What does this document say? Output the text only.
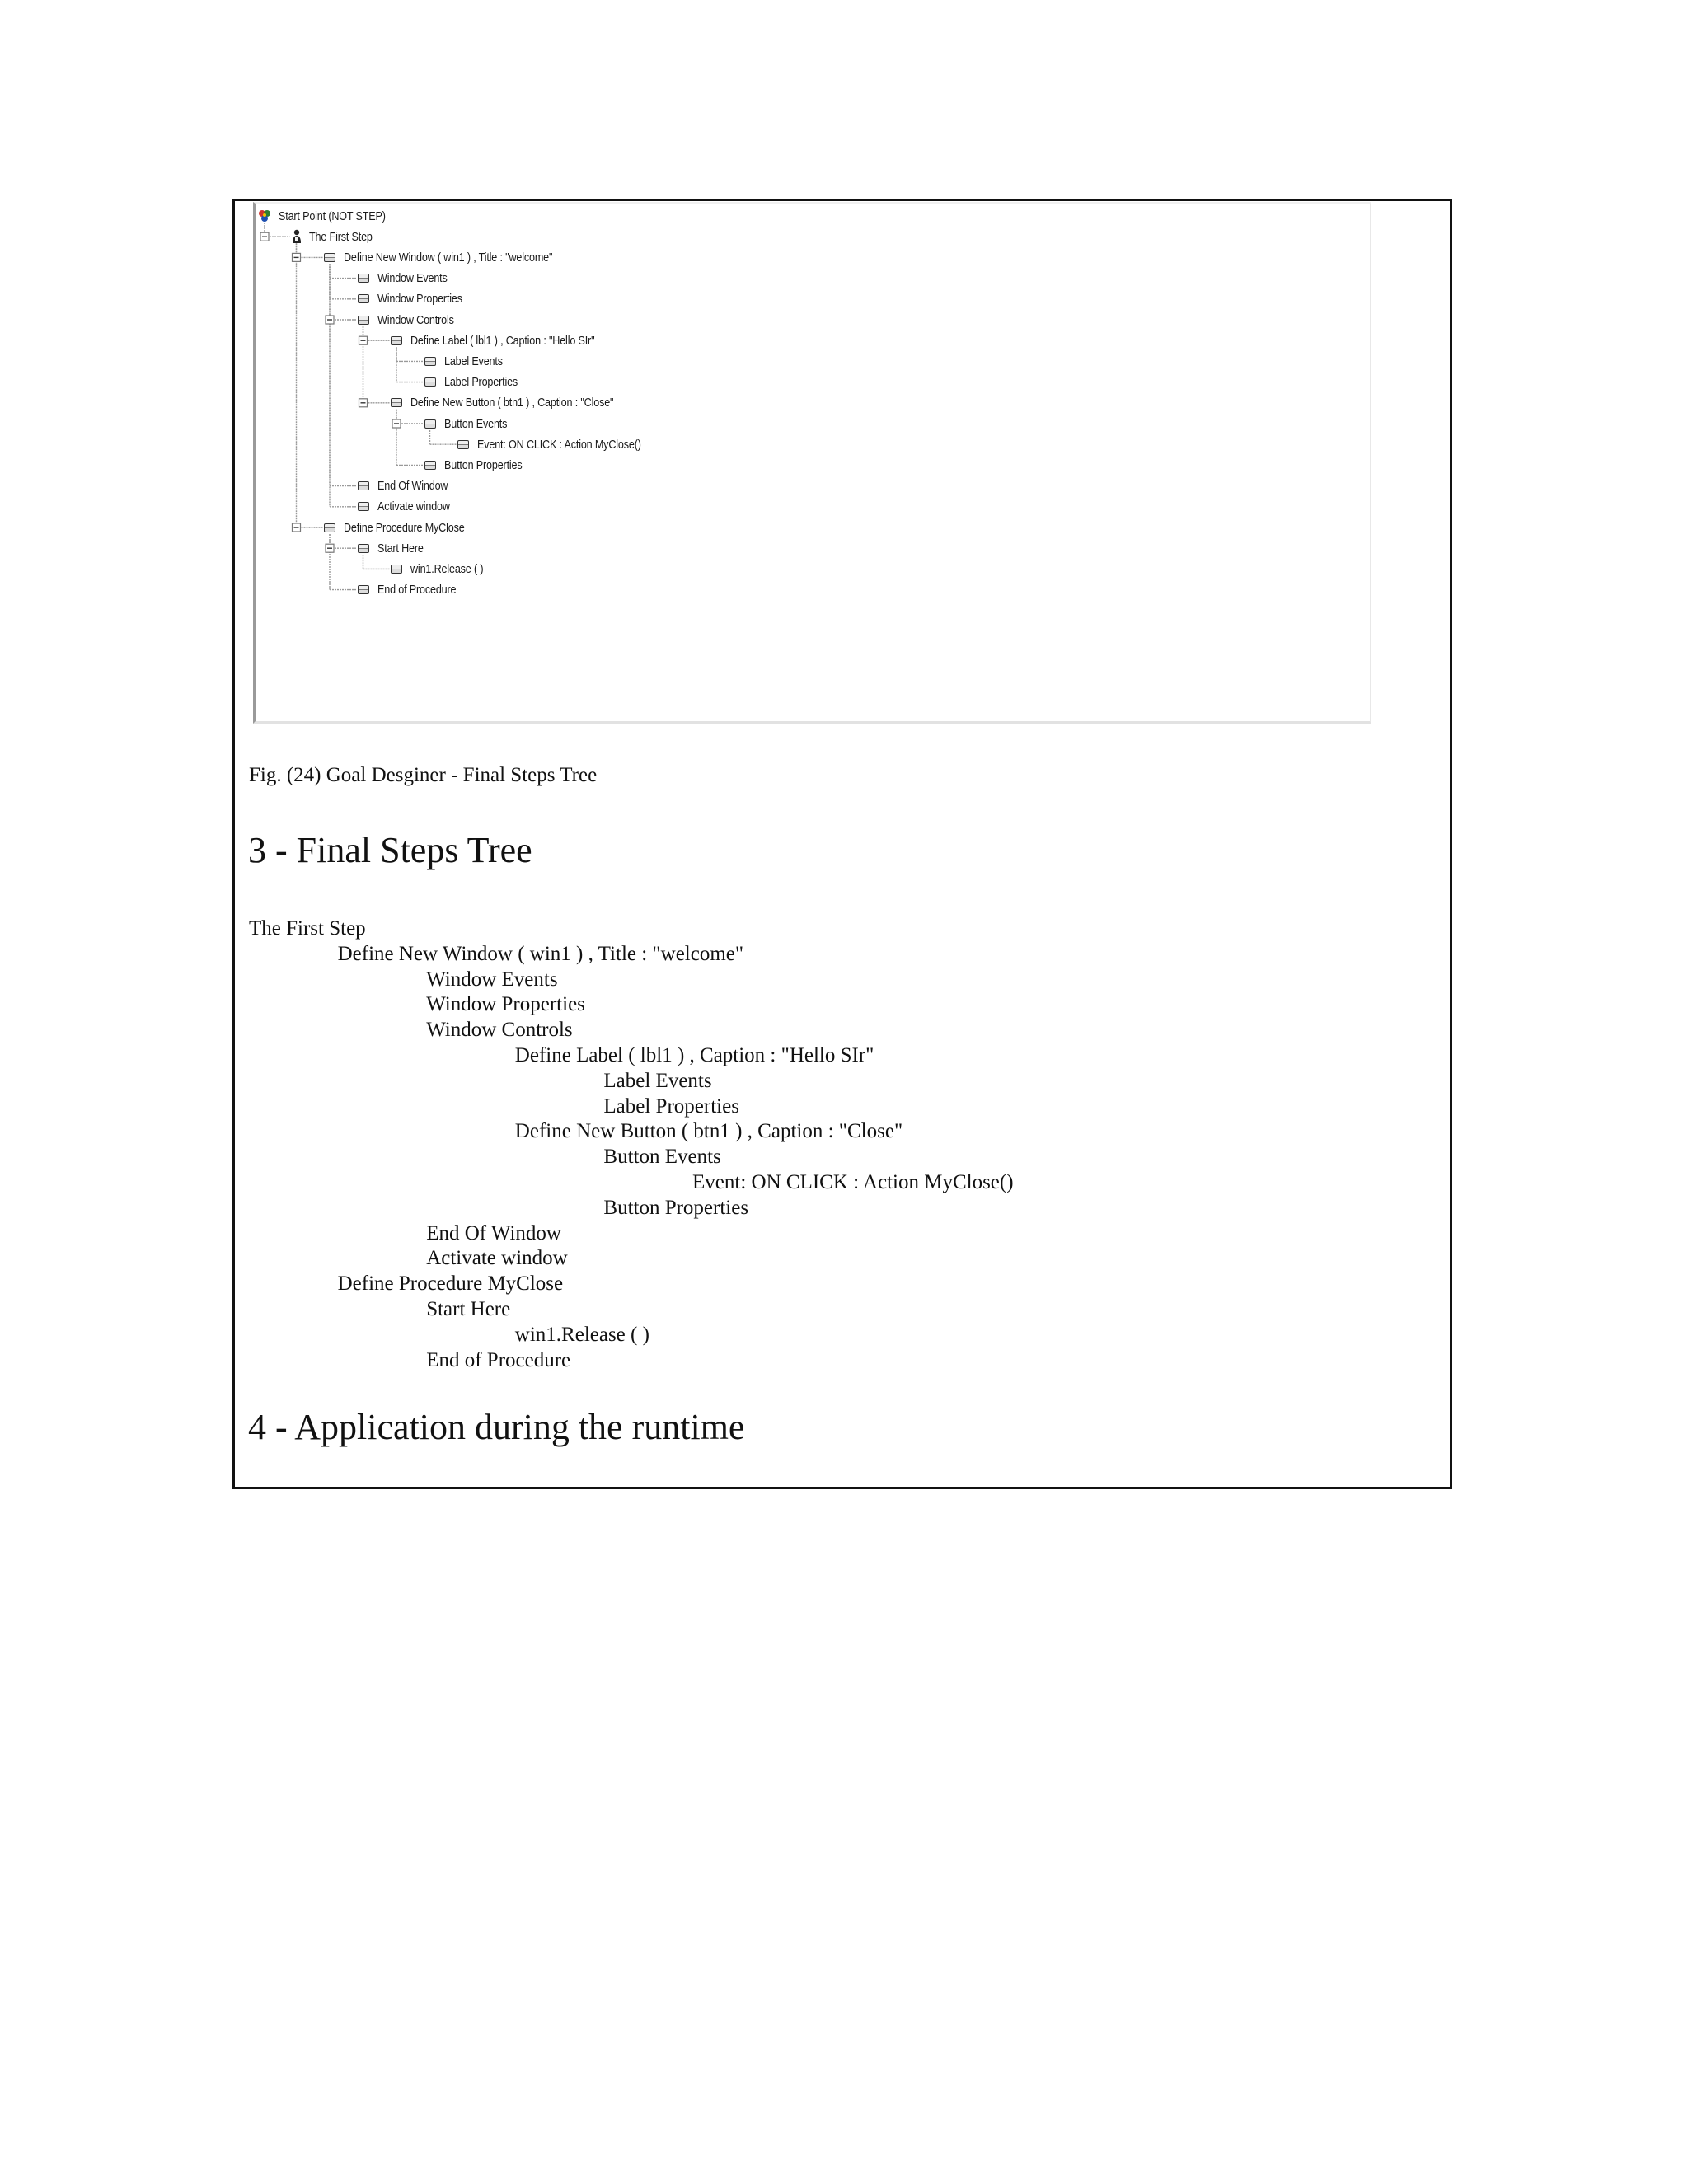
Start Point (NOT STEP)
The First Step
Define New Window ( win1 ) , Title : "welcome"
Window Events
Window Properties
Window Controls
Define Label ( lbl1 ) , Caption : "Hello SIr"
Label Events
Label Properties
Define New Button ( btn1 ) , Caption : "Close"
Button Events
Event: ON CLICK : Action MyClose()
Button Properties
End Of Window
Activate window
Define Procedure MyClose
Start Here
win1.Release ( )
End of Procedure
Fig. (24) Goal Desginer - Final Steps Tree
3 - Final Steps Tree
The First Step
Define New Window ( win1 ) , Title : "welcome"
Window Events
Window Properties
Window Controls
Define Label ( lbl1 ) , Caption : "Hello SIr"
Label Events
Label Properties
Define New Button ( btn1 ) , Caption : "Close"
Button Events
Event: ON CLICK : Action MyClose()
Button Properties
End Of Window
Activate window
Define Procedure MyClose
Start Here
win1.Release ( )
End of Procedure
4 - Application during the runtime
